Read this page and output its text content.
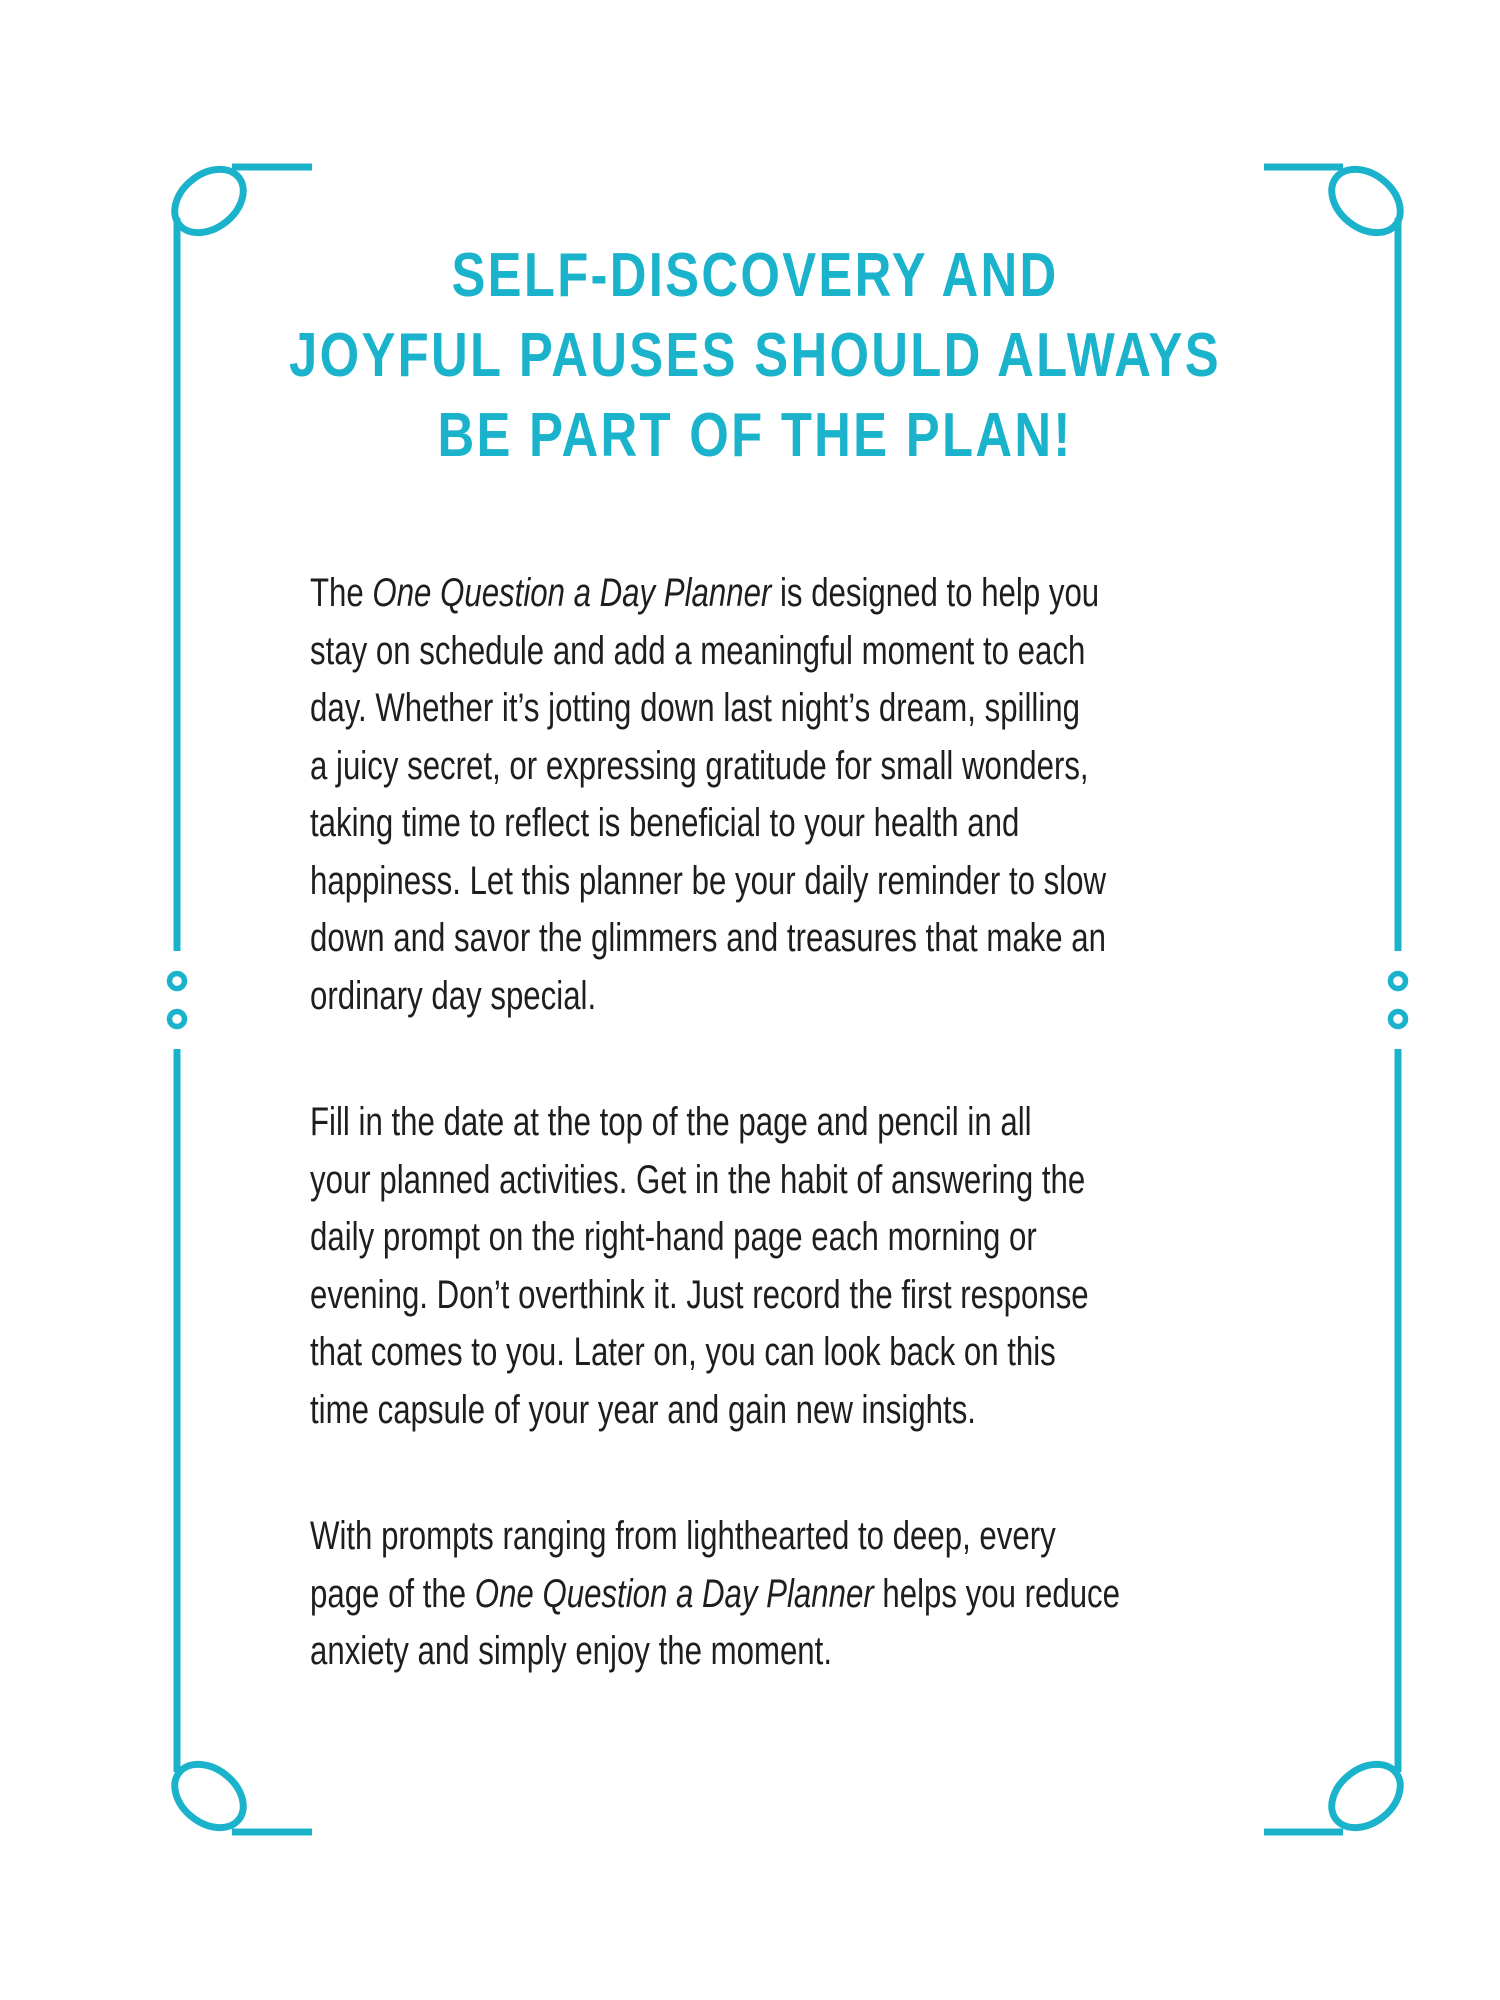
SELF-DISCOVERY AND
JOYFUL PAUSES SHOULD ALWAYS
BE PART OF THE PLAN!
The One Question a Day Planner is designed to help you
stay on schedule and add a meaningful moment to each
day. Whether it’s jotting down last night’s dream, spilling
a juicy secret, or expressing gratitude for small wonders,
taking time to reflect is beneficial to your health and
happiness. Let this planner be your daily reminder to slow
down and savor the glimmers and treasures that make an
ordinary day special.
Fill in the date at the top of the page and pencil in all
your planned activities. Get in the habit of answering the
daily prompt on the right-hand page each morning or
evening. Don’t overthink it. Just record the first response
that comes to you. Later on, you can look back on this
time capsule of your year and gain new insights.
With prompts ranging from lighthearted to deep, every
page of the One Question a Day Planner helps you reduce
anxiety and simply enjoy the moment.
